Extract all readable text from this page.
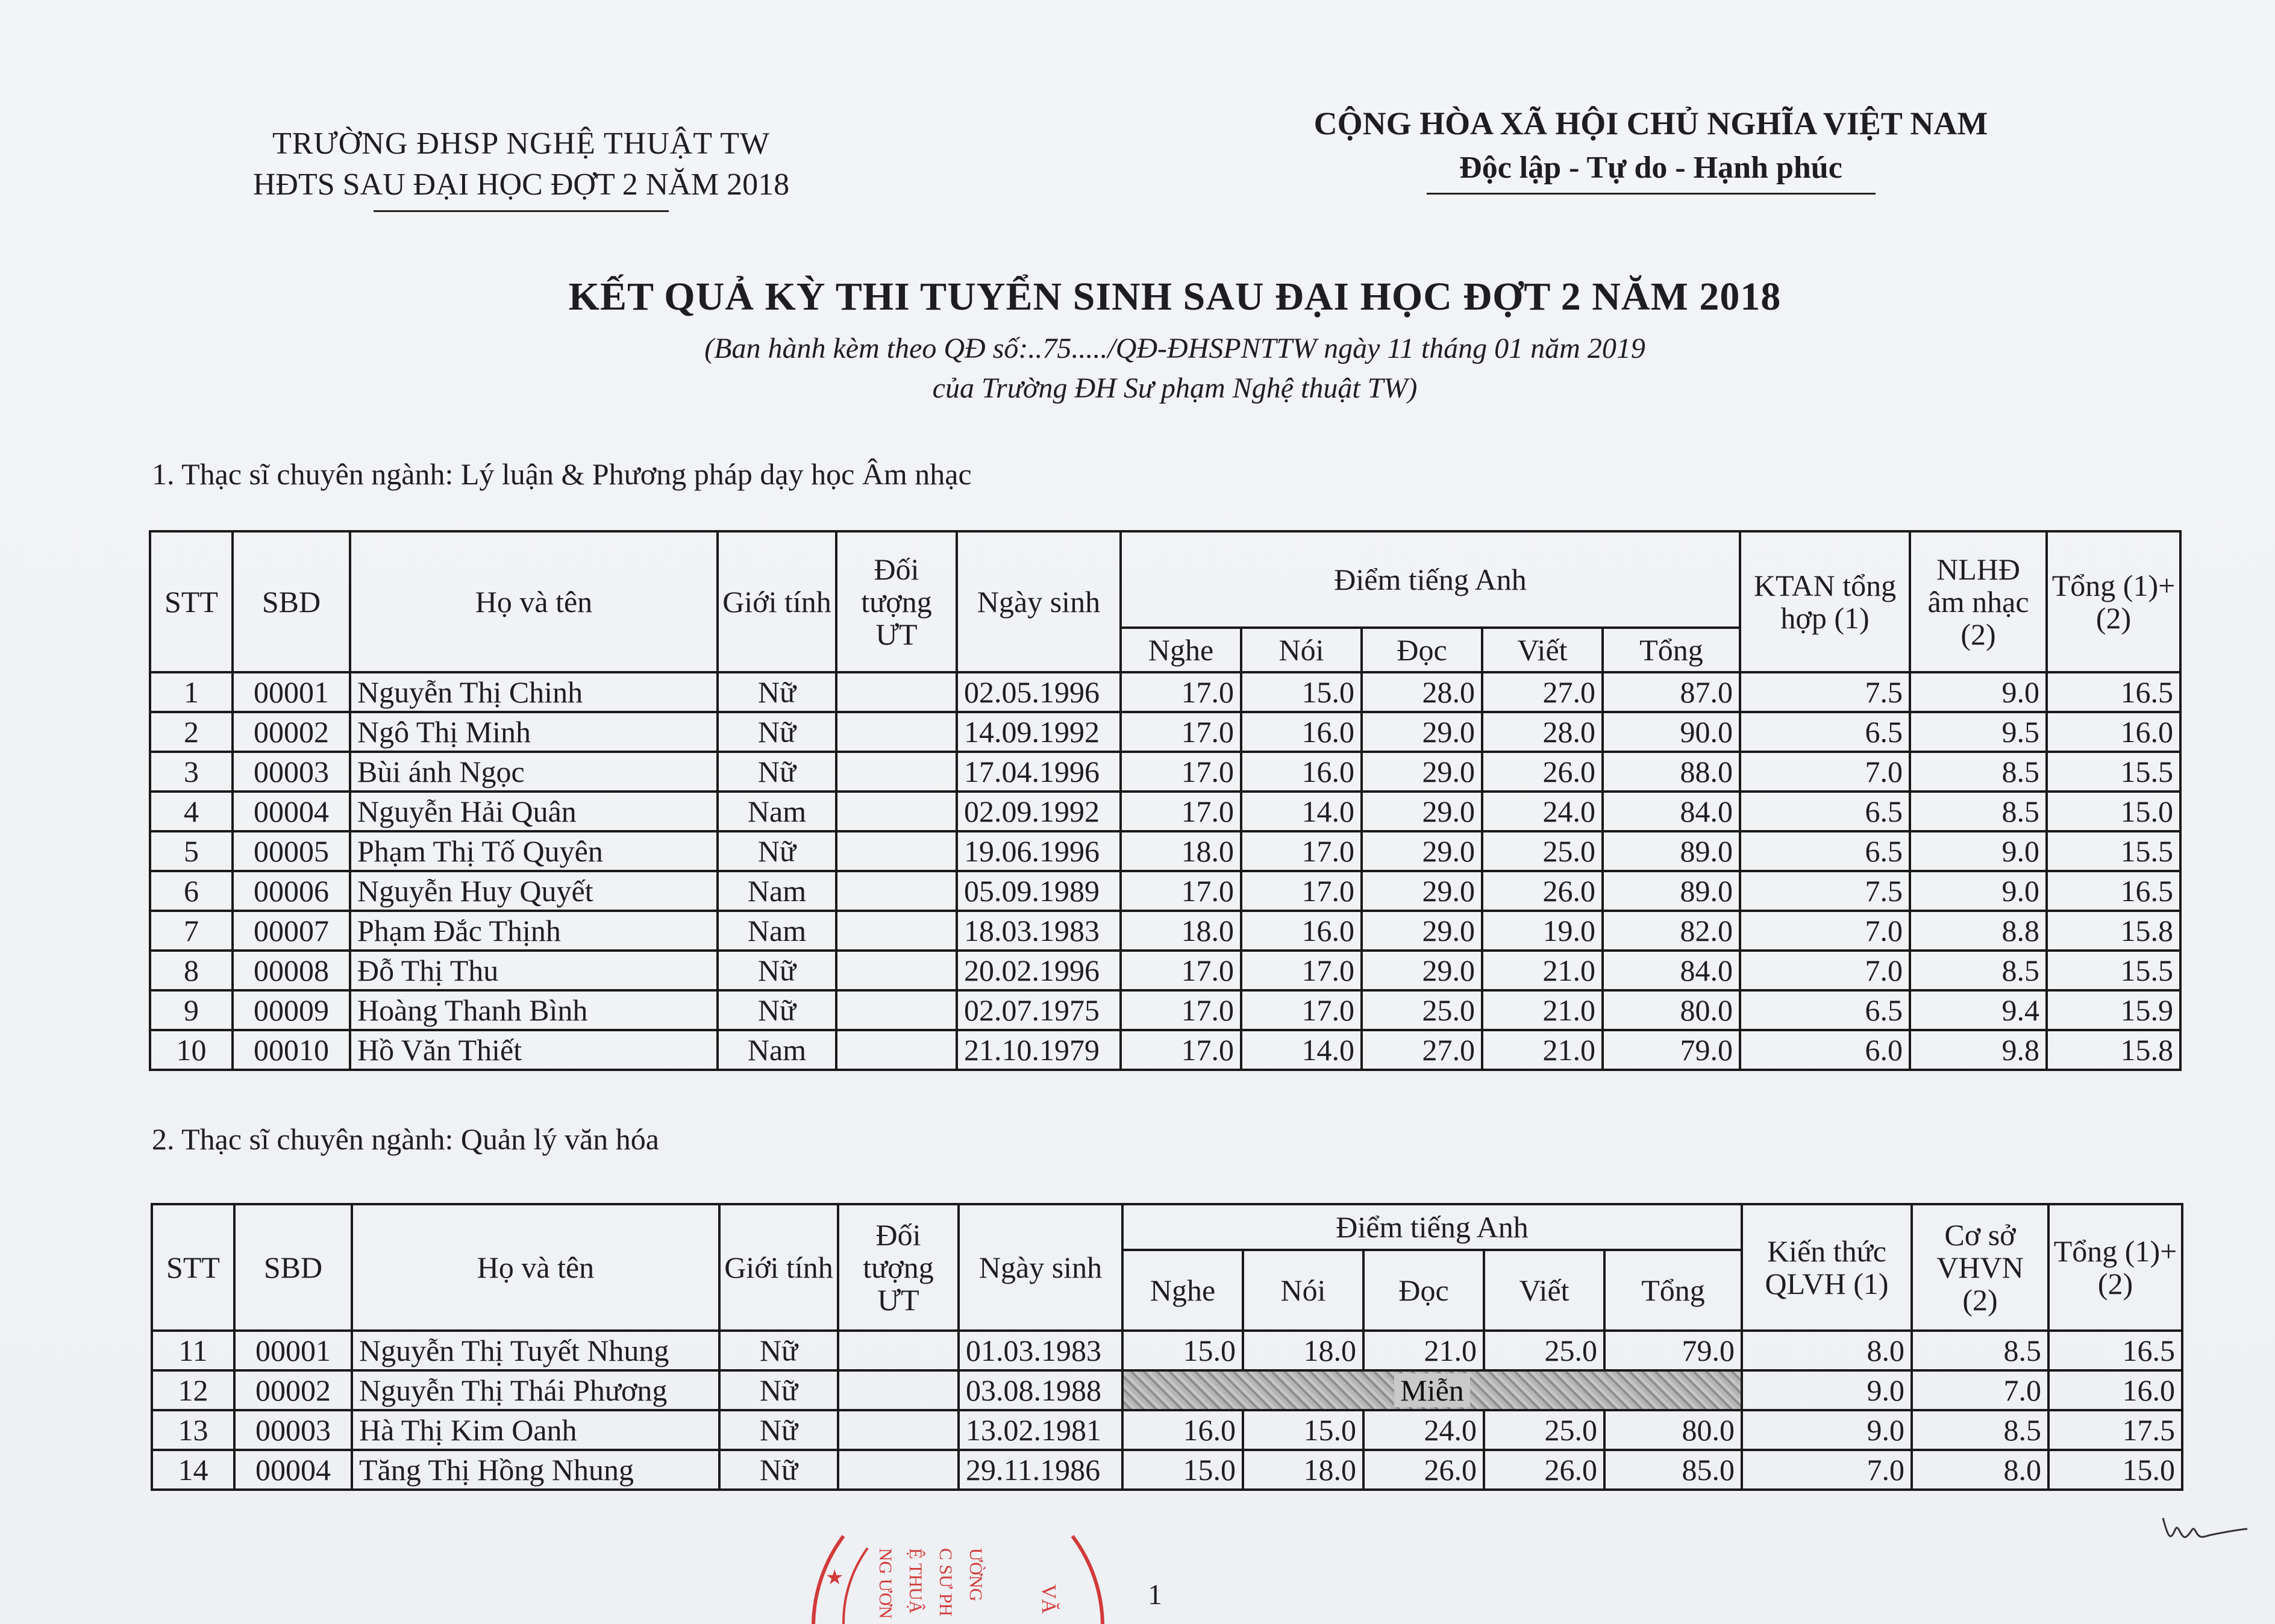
TRƯỜNG ĐHSP NGHỆ THUẬT TW
HĐTS SAU ĐẠI HỌC ĐỢT 2 NĂM 2018
CỘNG HÒA XÃ HỘI CHỦ NGHĨA VIỆT NAM
Độc lập - Tự do - Hạnh phúc
KẾT QUẢ KỲ THI TUYỂN SINH SAU ĐẠI HỌC ĐỢT 2 NĂM 2018
(Ban hành kèm theo QĐ số:..75...../QĐ-ĐHSPNTTW ngày 11 tháng 01 năm 2019
của Trường ĐH Sư phạm Nghệ thuật TW)
1. Thạc sĩ chuyên ngành: Lý luận & Phương pháp dạy học Âm nhạc
STT	SBD	Họ và tên	Giới tính	Đối tượng ƯT	Ngày sinh	Điểm tiếng Anh					KTAN tổng hợp (1)	NLHĐ âm nhạc (2)	Tổng (1)+(2)
						Nghe	Nói	Đọc	Viết	Tổng			
1	00001	Nguyễn Thị Chinh	Nữ		02.05.1996	17.0	15.0	28.0	27.0	87.0	7.5	9.0	16.5
2	00002	Ngô Thị Minh	Nữ		14.09.1992	17.0	16.0	29.0	28.0	90.0	6.5	9.5	16.0
3	00003	Bùi ánh Ngọc	Nữ		17.04.1996	17.0	16.0	29.0	26.0	88.0	7.0	8.5	15.5
4	00004	Nguyễn Hải Quân	Nam		02.09.1992	17.0	14.0	29.0	24.0	84.0	6.5	8.5	15.0
5	00005	Phạm Thị Tố Quyên	Nữ		19.06.1996	18.0	17.0	29.0	25.0	89.0	6.5	9.0	15.5
6	00006	Nguyễn Huy Quyết	Nam		05.09.1989	17.0	17.0	29.0	26.0	89.0	7.5	9.0	16.5
7	00007	Phạm Đắc Thịnh	Nam		18.03.1983	18.0	16.0	29.0	19.0	82.0	7.0	8.8	15.8
8	00008	Đỗ Thị Thu	Nữ		20.02.1996	17.0	17.0	29.0	21.0	84.0	7.0	8.5	15.5
9	00009	Hoàng Thanh Bình	Nữ		02.07.1975	17.0	17.0	25.0	21.0	80.0	6.5	9.4	15.9
10	00010	Hồ Văn Thiết	Nam		21.10.1979	17.0	14.0	27.0	21.0	79.0	6.0	9.8	15.8
2. Thạc sĩ chuyên ngành: Quản lý văn hóa
STT	SBD	Họ và tên	Giới tính	Đối tượng ƯT	Ngày sinh	Điểm tiếng Anh					Kiến thức QLVH (1)	Cơ sở VHVN (2)	Tổng (1)+(2)
						Nghe	Nói	Đọc	Viết	Tổng			
11	00001	Nguyễn Thị Tuyết Nhung	Nữ		01.03.1983	15.0	18.0	21.0	25.0	79.0	8.0	8.5	16.5
12	00002	Nguyễn Thị Thái Phương	Nữ		03.08.1988	Miễn					9.0	7.0	16.0
13	00003	Hà Thị Kim Oanh	Nữ		13.02.1981	16.0	15.0	24.0	25.0	80.0	9.0	8.5	17.5
14	00004	Tăng Thị Hồng Nhung	Nữ		29.11.1986	15.0	18.0	26.0	26.0	85.0	7.0	8.0	15.0
★ NG ƯƠN Ệ THUẬ C SƯ PH ƯỜNG	VĂ	1
